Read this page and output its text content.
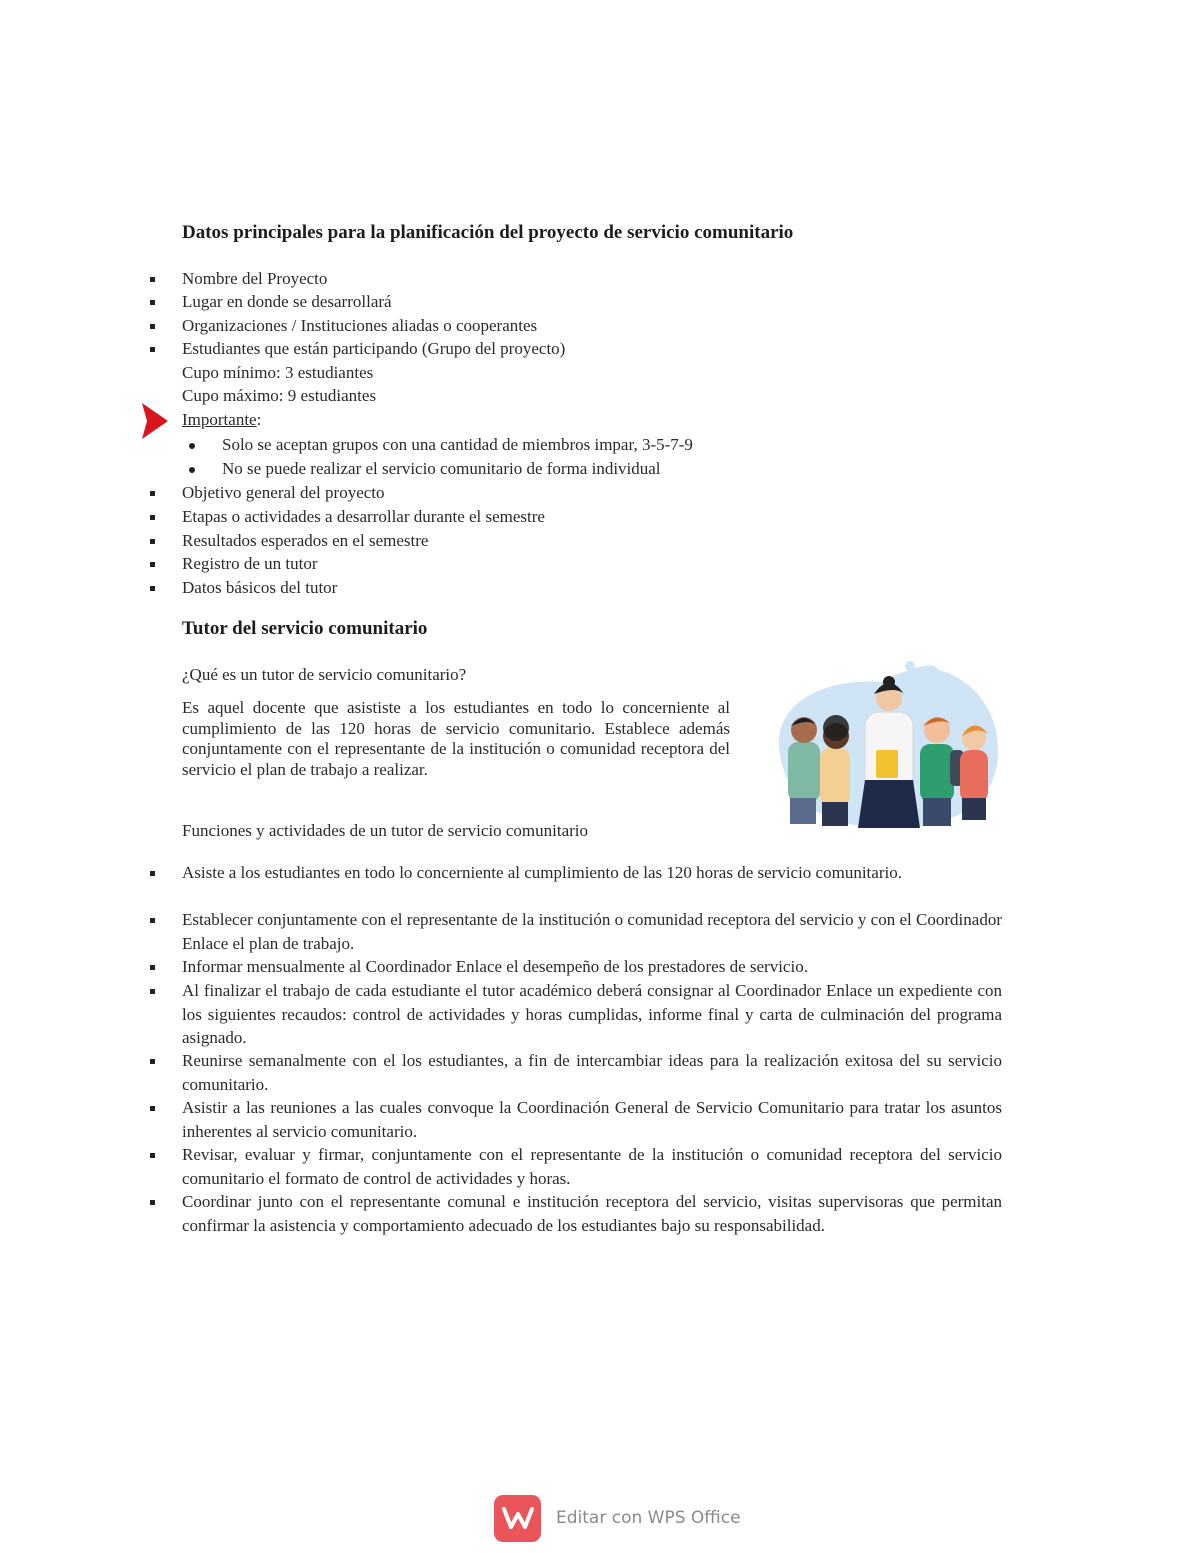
Datos principales para la planificación del proyecto de servicio comunitario
Nombre del Proyecto
Lugar en donde se desarrollará
Organizaciones / Instituciones aliadas o cooperantes
Estudiantes que están participando (Grupo del proyecto)
Cupo mínimo: 3 estudiantes
Cupo máximo: 9 estudiantes
Importante:
Solo se aceptan grupos con una cantidad de miembros impar, 3-5-7-9
No se puede realizar el servicio comunitario de forma individual
Objetivo general del proyecto
Etapas o actividades a desarrollar durante el semestre
Resultados esperados en el semestre
Registro de un tutor
Datos básicos del tutor
Tutor del servicio comunitario
¿Qué es un tutor de servicio comunitario?
Es aquel docente que asististe a los estudiantes en todo lo concerniente al cumplimiento de las 120 horas de servicio comunitario. Establece además conjuntamente con el representante de la institución o comunidad receptora del servicio el plan de trabajo a realizar.
Funciones y actividades de un tutor de servicio comunitario
Asiste a los estudiantes en todo lo concerniente al cumplimiento de las 120 horas de servicio comunitario.
Establecer conjuntamente con el representante de la institución o comunidad receptora del servicio y con el Coordinador Enlace el plan de trabajo.
Informar mensualmente al Coordinador Enlace el desempeño de los prestadores de servicio.
Al finalizar el trabajo de cada estudiante el tutor académico deberá consignar al Coordinador Enlace un expediente con los siguientes recaudos: control de actividades y horas cumplidas, informe final y carta de culminación del programa asignado.
Reunirse semanalmente con el los estudiantes, a fin de intercambiar ideas para la realización exitosa del su servicio comunitario.
Asistir a las reuniones a las cuales convoque la Coordinación General de Servicio Comunitario para tratar los asuntos inherentes al servicio comunitario.
Revisar, evaluar y firmar, conjuntamente con el representante de la institución o comunidad receptora del servicio comunitario el formato de control de actividades y horas.
Coordinar junto con el representante comunal e institución receptora del servicio, visitas supervisoras que permitan confirmar la asistencia y comportamiento adecuado de los estudiantes bajo su responsabilidad.
Editar con WPS Office
